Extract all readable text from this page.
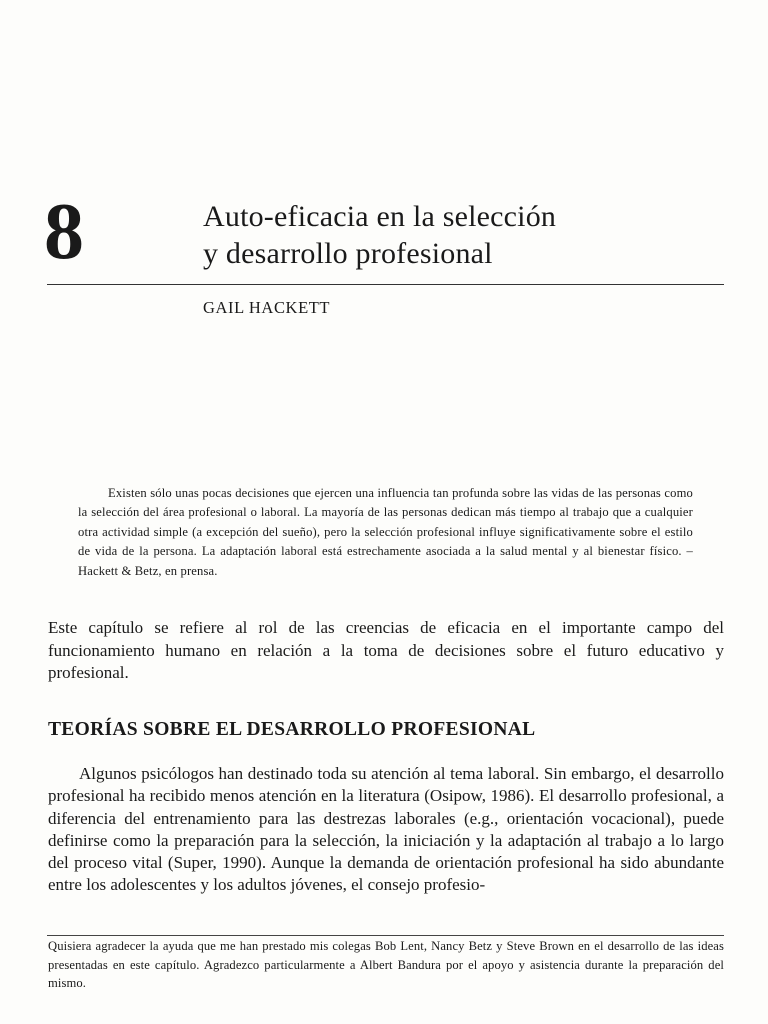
8	Auto-eficacia en la selección
y desarrollo profesional
GAIL HACKETT

Existen sólo unas pocas decisiones que ejercen una influencia tan profunda sobre las vidas de las personas como la selección del área profesional o laboral. La mayoría de las personas dedican más tiempo al trabajo que a cualquier otra actividad simple (a excepción del sueño), pero la selección profesional influye significativamente sobre el estilo de vida de la persona. La adaptación laboral está estrechamente asociada a la salud mental y al bienestar físico. –Hackett & Betz, en prensa.

Este capítulo se refiere al rol de las creencias de eficacia en el importante campo del funcionamiento humano en relación a la toma de decisiones sobre el futuro educativo y profesional.

TEORÍAS SOBRE EL DESARROLLO PROFESIONAL

Algunos psicólogos han destinado toda su atención al tema laboral. Sin embargo, el desarrollo profesional ha recibido menos atención en la literatura (Osipow, 1986). El desarrollo profesional, a diferencia del entrenamiento para las destrezas laborales (e.g., orientación vocacional), puede definirse como la preparación para la selección, la iniciación y la adaptación al trabajo a lo largo del proceso vital (Super, 1990). Aunque la demanda de orientación profesional ha sido abundante entre los adolescentes y los adultos jóvenes, el consejo profesio-

Quisiera agradecer la ayuda que me han prestado mis colegas Bob Lent, Nancy Betz y Steve Brown en el desarrollo de las ideas presentadas en este capítulo. Agradezco particularmente a Albert Bandura por el apoyo y asistencia durante la preparación del mismo.
